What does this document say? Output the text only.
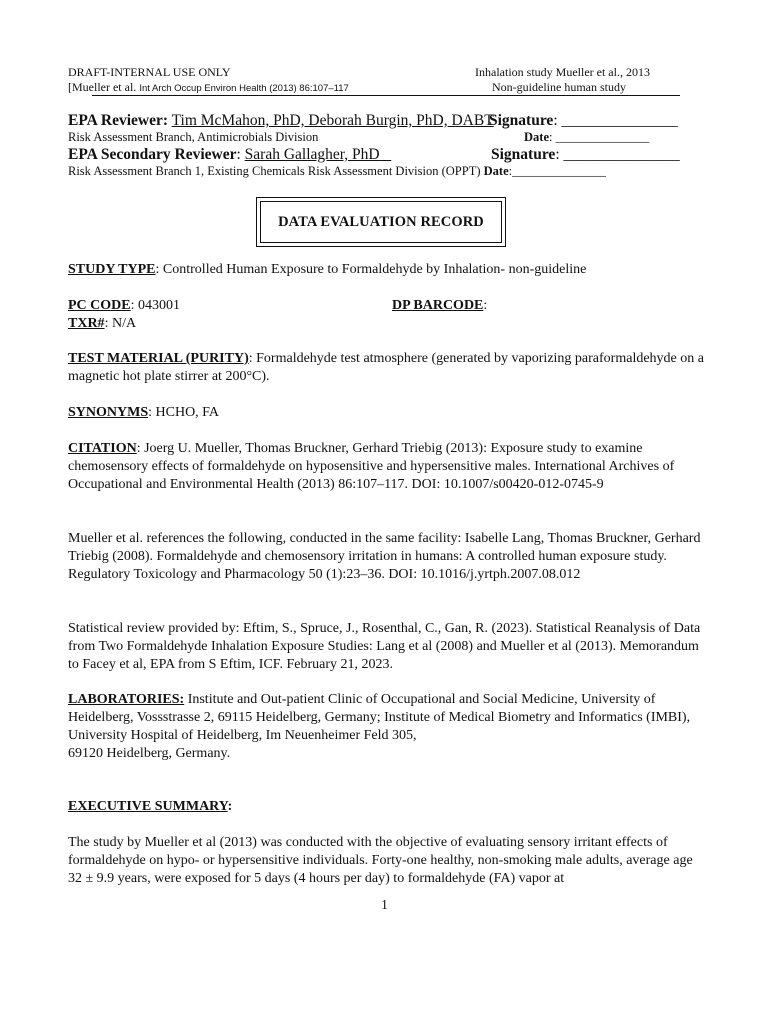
DRAFT-INTERNAL USE ONLY
[Mueller et al. Int Arch Occup Environ Health (2013) 86:107–117
Inhalation study Mueller et al., 2013
Non-guideline human study
EPA Reviewer: Tim McMahon, PhD, Deborah Burgin, PhD, DABT
Signature: _______________
Risk Assessment Branch, Antimicrobials Division	Date: _______________
EPA Secondary Reviewer: Sarah Gallagher, PhD	Signature: _______________
Risk Assessment Branch 1, Existing Chemicals Risk Assessment Division (OPPT) Date:_______________
DATA EVALUATION RECORD
STUDY TYPE: Controlled Human Exposure to Formaldehyde by Inhalation- non-guideline
PC CODE: 043001	DP BARCODE:
TXR#: N/A
TEST MATERIAL (PURITY): Formaldehyde test atmosphere (generated by vaporizing paraformaldehyde on a magnetic hot plate stirrer at 200°C).
SYNONYMS: HCHO, FA
CITATION: Joerg U. Mueller, Thomas Bruckner, Gerhard Triebig (2013): Exposure study to examine chemosensory effects of formaldehyde on hyposensitive and hypersensitive males. International Archives of Occupational and Environmental Health (2013) 86:107–117. DOI: 10.1007/s00420-012-0745-9
Mueller et al. references the following, conducted in the same facility: Isabelle Lang, Thomas Bruckner, Gerhard Triebig (2008). Formaldehyde and chemosensory irritation in humans: A controlled human exposure study. Regulatory Toxicology and Pharmacology 50 (1):23–36. DOI: 10.1016/j.yrtph.2007.08.012
Statistical review provided by: Eftim, S., Spruce, J., Rosenthal, C., Gan, R. (2023). Statistical Reanalysis of Data from Two Formaldehyde Inhalation Exposure Studies: Lang et al (2008) and Mueller et al (2013). Memorandum to Facey et al, EPA from S Eftim, ICF. February 21, 2023.
LABORATORIES: Institute and Out-patient Clinic of Occupational and Social Medicine, University of Heidelberg, Vossstrasse 2, 69115 Heidelberg, Germany; Institute of Medical Biometry and Informatics (IMBI), University Hospital of Heidelberg, Im Neuenheimer Feld 305,
69120 Heidelberg, Germany.
EXECUTIVE SUMMARY:
The study by Mueller et al (2013) was conducted with the objective of evaluating sensory irritant effects of formaldehyde on hypo- or hypersensitive individuals. Forty-one healthy, non-smoking male adults, average age 32 ± 9.9 years, were exposed for 5 days (4 hours per day) to formaldehyde (FA) vapor at
1
